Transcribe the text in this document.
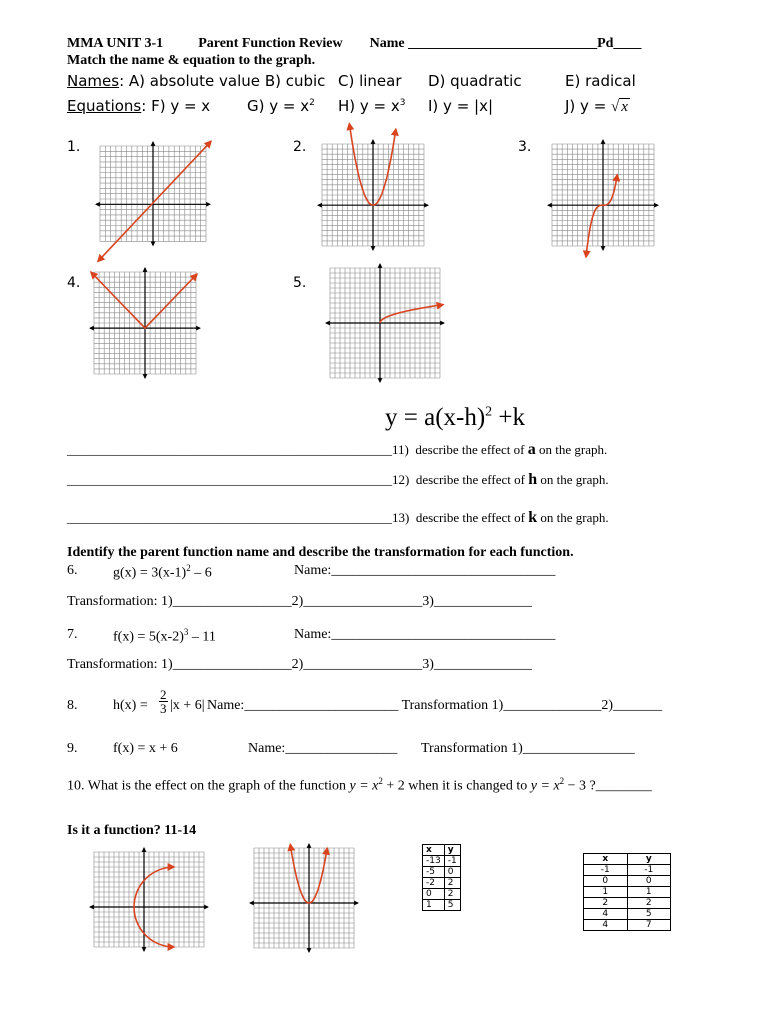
MMA UNIT 3-1	Parent Function Review Name ___________________________Pd____
Match the name & equation to the graph.
Names: A) absolute value B) cubic C) linear D) quadratic	E) radical
Equations: F) y = x G) $y = x^2$ H) $y = x^3$ I) y = |x|	J) y = √ x
1.	2.	3.
4.	5.
$y = a(x-h)^2 +k$
__________________________________________________11) describe the effect of a on the graph.
__________________________________________________12) describe the effect of h on the graph.
__________________________________________________13) describe the effect of k on the graph.
Identify the parent function name and describe the transformation for each function.
6.	$g(x) = 3(x-1)^2 - 6$	Name:________________________________
Transformation: 1)_________________2)_________________3)______________
7.	$f(x) = 5(x-2)^3 - 11$	Name:________________________________
Transformation: 1)_________________2)_________________3)______________
8.	h(x) =
2
3 |x + 6| Name:______________________ Transformation 1)______________2)_______
9.	f(x) = x + 6	Name:________________ Transformation 1)________________
10. What is the effect on the graph of the function $y = x^2 + 2$ when it is changed to $y = x^2 - 3$ ?________
Is it a function? 11-14
x	y
-13	-1
-5	0
-2	2
0	2
1	5
x	y
-1	-1
0	0
1	1
2	2
4	5
4	7
